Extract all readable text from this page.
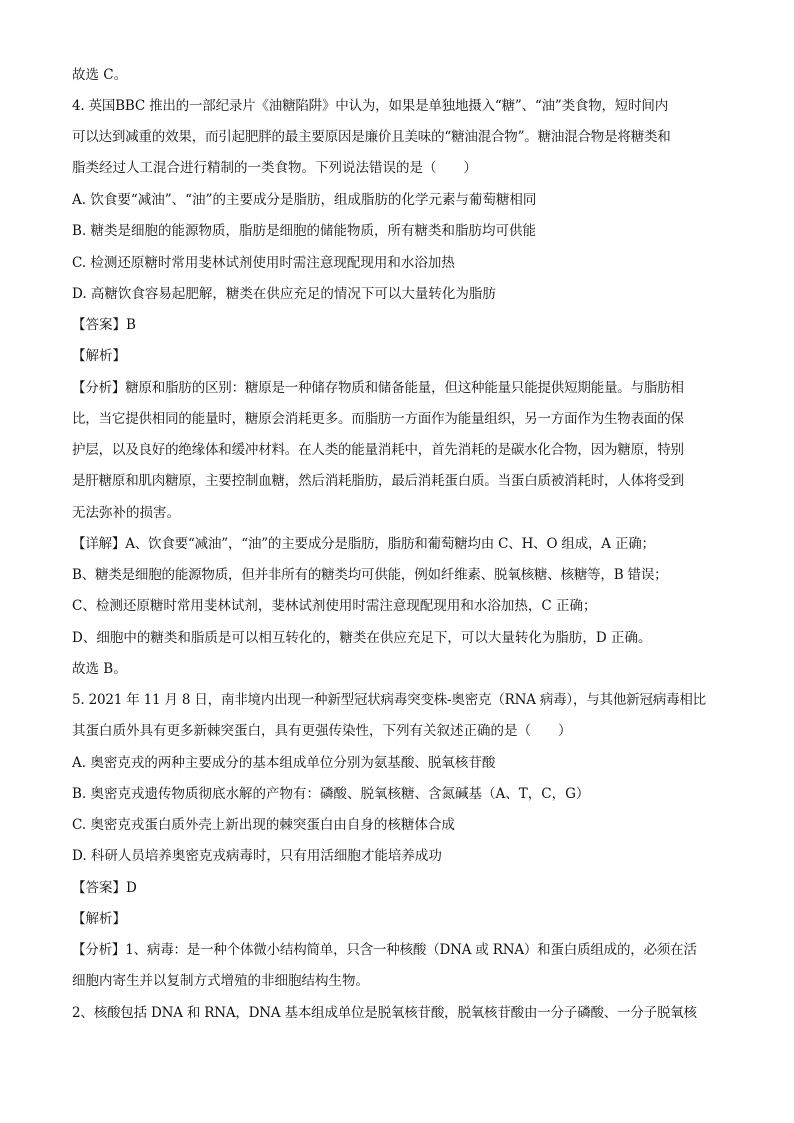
故选 C。
4. 英国BBC 推出的一部纪录片《油糖陷阱》中认为，如果是单独地摄入“糖”、“油”类食物，短时间内
可以达到减重的效果，而引起肥胖的最主要原因是廉价且美味的“糖油混合物”。糖油混合物是将糖类和
脂类经过人工混合进行精制的一类食物。下列说法错误的是（　　）
A. 饮食要“减油”、“油”的主要成分是脂肪，组成脂肪的化学元素与葡萄糖相同
B. 糖类是细胞的能源物质，脂肪是细胞的储能物质，所有糖类和脂肪均可供能
C. 检测还原糖时常用斐林试剂使用时需注意现配现用和水浴加热
D. 高糖饮食容易起肥解，糖类在供应充足的情况下可以大量转化为脂肪
【答案】B
【解析】
【分析】糖原和脂肪的区别：糖原是一种储存物质和储备能量，但这种能量只能提供短期能量。与脂肪相
比，当它提供相同的能量时，糖原会消耗更多。而脂肪一方面作为能量组织，另一方面作为生物表面的保
护层，以及良好的绝缘体和缓冲材料。在人类的能量消耗中，首先消耗的是碳水化合物，因为糖原，特别
是肝糖原和肌肉糖原，主要控制血糖，然后消耗脂肪，最后消耗蛋白质。当蛋白质被消耗时，人体将受到
无法弥补的损害。
【详解】A、饮食要“减油”，“油”的主要成分是脂肪，脂肪和葡萄糖均由 C、H、O 组成，A 正确；
B、糖类是细胞的能源物质，但并非所有的糖类均可供能，例如纤维素、脱氧核糖、核糖等，B 错误；
C、检测还原糖时常用斐林试剂，斐林试剂使用时需注意现配现用和水浴加热，C 正确；
D、细胞中的糖类和脂质是可以相互转化的，糖类在供应充足下，可以大量转化为脂肪，D 正确。
故选 B。
5. 2021 年 11 月 8 日，南非境内出现一种新型冠状病毒突变株-奥密克（RNA 病毒），与其他新冠病毒相比
其蛋白质外具有更多新棘突蛋白，具有更强传染性，下列有关叙述正确的是（　　）
A. 奥密克戎的两种主要成分的基本组成单位分别为氨基酸、脱氧核苷酸
B. 奥密克戎遗传物质彻底水解的产物有：磷酸、脱氧核糖、含氮碱基（A、T，C，G）
C. 奥密克戎蛋白质外壳上新出现的棘突蛋白由自身的核糖体合成
D. 科研人员培养奥密克戎病毒时，只有用活细胞才能培养成功
【答案】D
【解析】
【分析】1、病毒：是一种个体微小结构简单，只含一种核酸（DNA 或 RNA）和蛋白质组成的，必须在活
细胞内寄生并以复制方式增殖的非细胞结构生物。
2、核酸包括 DNA 和 RNA，DNA 基本组成单位是脱氧核苷酸，脱氧核苷酸由一分子磷酸、一分子脱氧核
